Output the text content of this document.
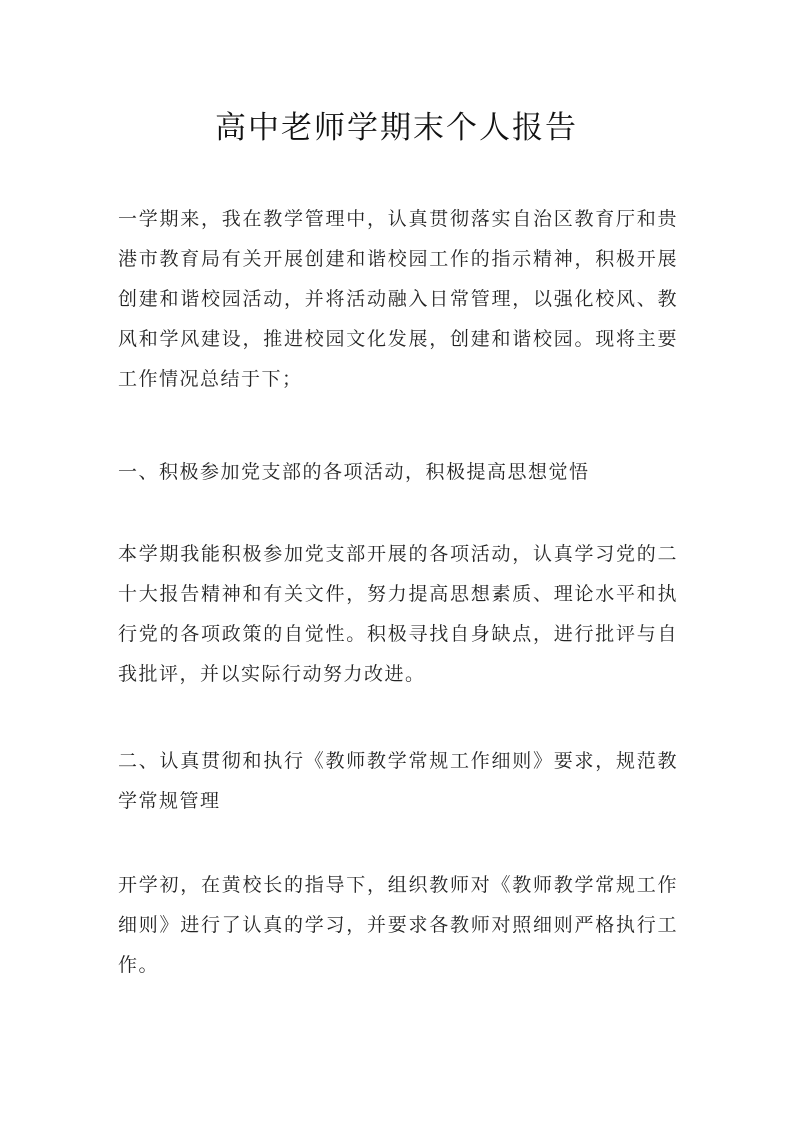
高中老师学期末个人报告

一学期来，我在教学管理中，认真贯彻落实自治区教育厅和贵港市教育局有关开展创建和谐校园工作的指示精神，积极开展创建和谐校园活动，并将活动融入日常管理，以强化校风、教风和学风建设，推进校园文化发展，创建和谐校园。现将主要工作情况总结于下；

一、积极参加党支部的各项活动，积极提高思想觉悟

本学期我能积极参加党支部开展的各项活动，认真学习党的二十大报告精神和有关文件，努力提高思想素质、理论水平和执行党的各项政策的自觉性。积极寻找自身缺点，进行批评与自我批评，并以实际行动努力改进。

二、认真贯彻和执行《教师教学常规工作细则》要求，规范教学常规管理

开学初，在黄校长的指导下，组织教师对《教师教学常规工作细则》进行了认真的学习，并要求各教师对照细则严格执行工作。
